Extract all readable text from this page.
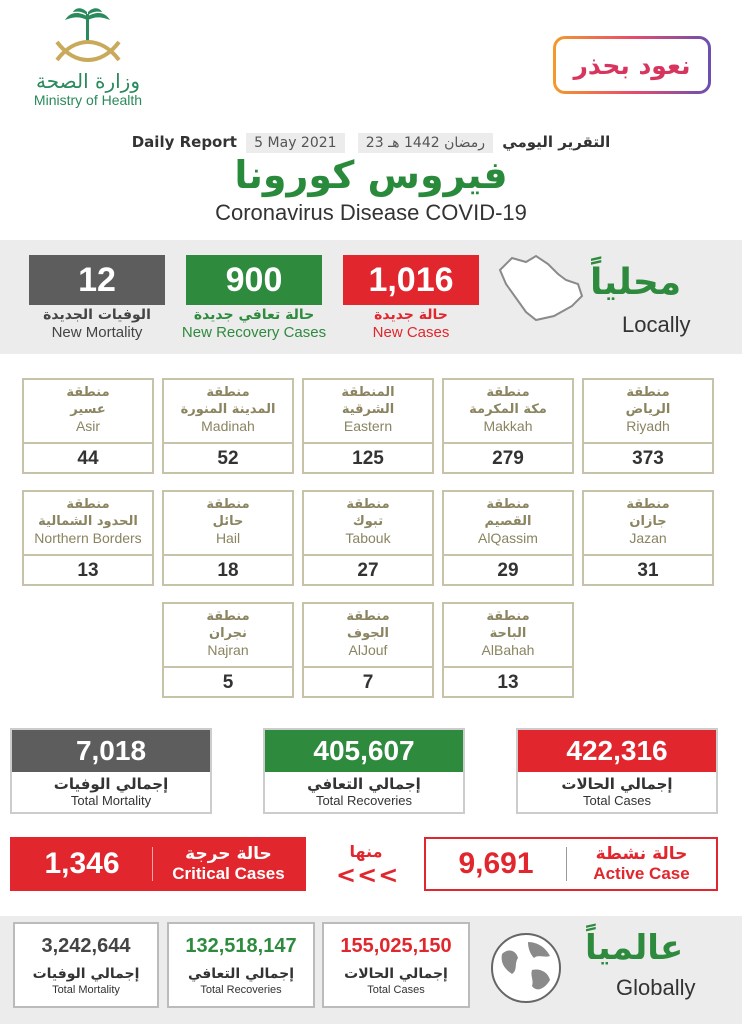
وزارة الصحة
Ministry of Health
نعود بحذر
Daily Report 5 May 2021 23 رمضان 1442 هـ التقرير اليومي
فيروس كورونا
Coronavirus Disease COVID-19
12
الوفيات الجديدة
New Mortality
900
حالة تعافي جديدة
New Recovery Cases
1,016
حالة جديدة
New Cases
محلياً
Locally
منطقة
الرياض
Riyadh
373
منطقة
مكة المكرمة
Makkah
279
المنطقة
الشرقية
Eastern
125
منطقة
المدينة المنورة
Madinah
52
منطقة
عسير
Asir
44
منطقة
جازان
Jazan
31
منطقة
القصيم
AlQassim
29
منطقة
تبوك
Tabouk
27
منطقة
حائل
Hail
18
منطقة
الحدود الشمالية
Northern Borders
13
منطقة
الباحة
AlBahah
13
منطقة
الجوف
AlJouf
7
منطقة
نجران
Najran
5
7,018
إجمالي الوفيات
Total Mortality
405,607
إجمالي التعافي
Total Recoveries
422,316
إجمالي الحالات
Total Cases
1,346	حالة حرجة
Critical Cases
منها
<<<	9,691	حالة نشطة
Active Case
3,242,644
إجمالي الوفيات
Total Mortality
132,518,147
إجمالي التعافي
Total Recoveries
155,025,150
إجمالي الحالات
Total Cases
عالمياً
Globally
